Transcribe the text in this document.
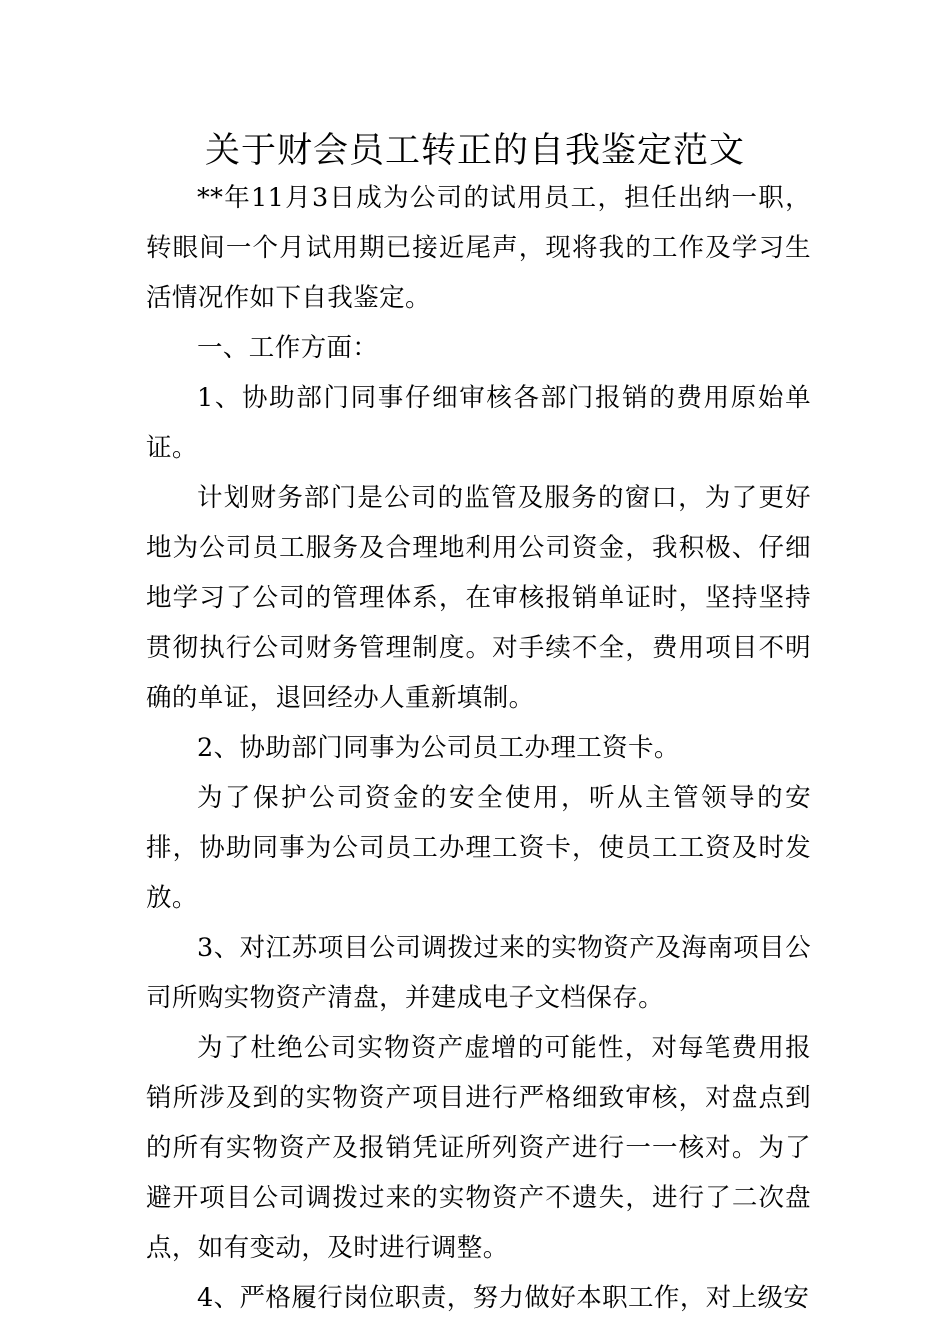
关于财会员工转正的自我鉴定范文

**年11月3日成为公司的试用员工，担任出纳一职，转眼间一个月试用期已接近尾声，现将我的工作及学习生活情况作如下自我鉴定。

一、工作方面：

1、协助部门同事仔细审核各部门报销的费用原始单证。

计划财务部门是公司的监管及服务的窗口，为了更好地为公司员工服务及合理地利用公司资金，我积极、仔细地学习了公司的管理体系，在审核报销单证时，坚持坚持贯彻执行公司财务管理制度。对手续不全，费用项目不明确的单证，退回经办人重新填制。

2、协助部门同事为公司员工办理工资卡。

为了保护公司资金的安全使用，听从主管领导的安排，协助同事为公司员工办理工资卡，使员工工资及时发放。

3、对江苏项目公司调拨过来的实物资产及海南项目公司所购实物资产清盘，并建成电子文档保存。

为了杜绝公司实物资产虚增的可能性，对每笔费用报销所涉及到的实物资产项目进行严格细致审核，对盘点到的所有实物资产及报销凭证所列资产进行一一核对。为了避开项目公司调拨过来的实物资产不遗失，进行了二次盘点，如有变动，及时进行调整。

4、严格履行岗位职责，努力做好本职工作，对上级安
